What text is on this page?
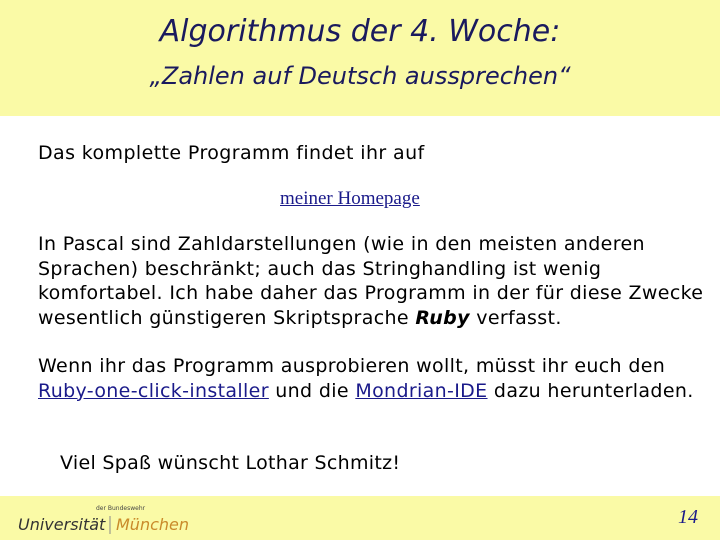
Algorithmus der 4. Woche:
„Zahlen auf Deutsch aussprechen“
Das komplette Programm findet ihr auf
meiner Homepage
In Pascal sind Zahldarstellungen (wie in den meisten anderen Sprachen) beschränkt; auch das Stringhandling ist wenig komfortabel. Ich habe daher das Programm in der für diese Zwecke wesentlich günstigeren Skriptsprache Ruby verfasst.
Wenn ihr das Programm ausprobieren wollt, müsst ihr euch den Ruby-one-click-installer und die Mondrian-IDE dazu herunterladen.
Viel Spaß wünscht Lothar Schmitz!
der Bundeswehr
Universität München	14
